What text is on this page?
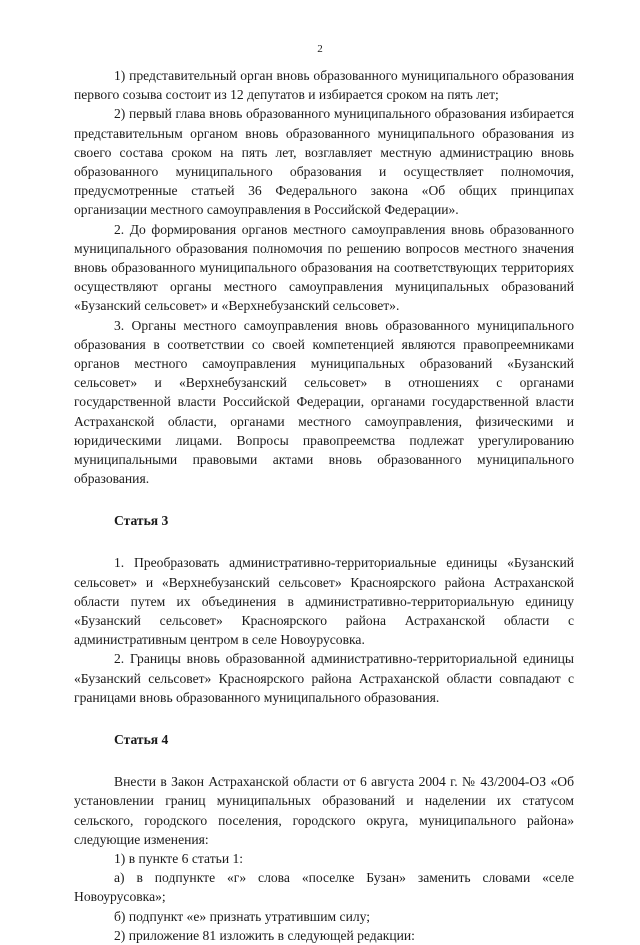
2

1) представительный орган вновь образованного муниципального образования первого созыва состоит из 12 депутатов и избирается сроком на пять лет;

2) первый глава вновь образованного муниципального образования избирается представительным органом вновь образованного муниципального образования из своего состава сроком на пять лет, возглавляет местную администрацию вновь образованного муниципального образования и осуществляет полномочия, предусмотренные статьей 36 Федерального закона «Об общих принципах организации местного самоуправления в Российской Федерации».

2. До формирования органов местного самоуправления вновь образованного муниципального образования полномочия по решению вопросов местного значения вновь образованного муниципального образования на соответствующих территориях осуществляют органы местного самоуправления муниципальных образований «Бузанский сельсовет» и «Верхнебузанский сельсовет».

3. Органы местного самоуправления вновь образованного муниципального образования в соответствии со своей компетенцией являются правопреемниками органов местного самоуправления муниципальных образований «Бузанский сельсовет» и «Верхнебузанский сельсовет» в отношениях с органами государственной власти Российской Федерации, органами государственной власти Астраханской области, органами местного самоуправления, физическими и юридическими лицами. Вопросы правопреемства подлежат урегулированию муниципальными правовыми актами вновь образованного муниципального образования.

Статья 3

1. Преобразовать административно-территориальные единицы «Бузанский сельсовет» и «Верхнебузанский сельсовет» Красноярского района Астраханской области путем их объединения в административно-территориальную единицу «Бузанский сельсовет» Красноярского района Астраханской области с административным центром в селе Новоурусовка.

2. Границы вновь образованной административно-территориальной единицы «Бузанский сельсовет» Красноярского района Астраханской области совпадают с границами вновь образованного муниципального образования.

Статья 4

Внести в Закон Астраханской области от 6 августа 2004 г. № 43/2004-ОЗ «Об установлении границ муниципальных образований и наделении их статусом сельского, городского поселения, городского округа, муниципального района» следующие изменения:

1) в пункте 6 статьи 1:

а) в подпункте «г» слова «поселке Бузан» заменить словами «селе Новоурусовка»;

б) подпункт «е» признать утратившим силу;

2) приложение 81 изложить в следующей редакции:
